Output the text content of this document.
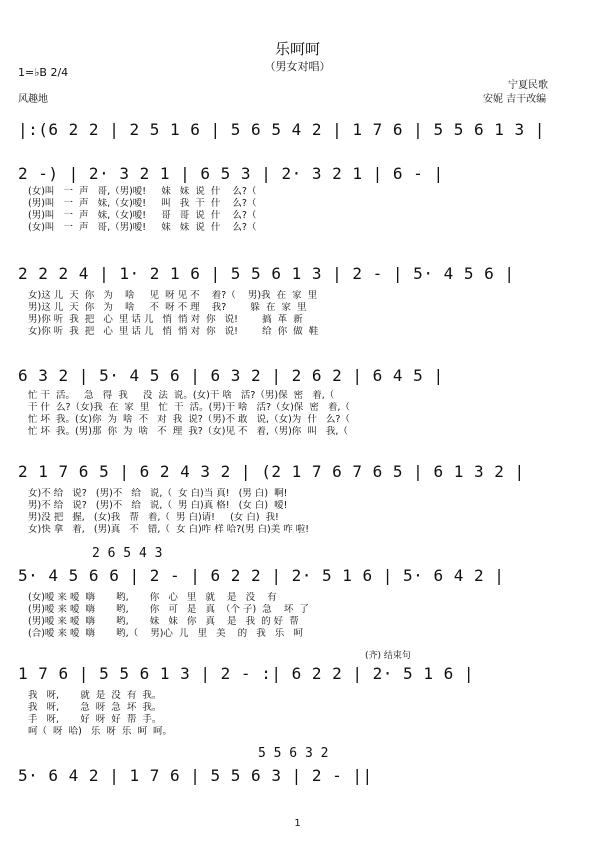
乐呵呵
（男女对唱）
1=♭B 2/4
风趣地
宁夏民歌
安妮 吉干改编
|:(6 2 2 | 2 5 1 6 | 5 6 5 4 2 | 1 7 6 | 5 5 6 1 3 |
2 -) | 2· 3 2 1 | 6 5 3 | 2· 3 2 1 | 6 - |
(女)叫   一  声   哥,（男)嗳!     妹   妹  说  什    么?（
(男)叫   一  声   妹,（女)嗳!     叫   我  干  什    么?（
(男)叫   一  声   妹,（女)嗳!     哥   哥  说  什    么?（
(女)叫   一  声   哥,（男)嗳!     妹   妹  说  什    么?（
2 2 2 4 | 1· 2 1 6 | 5 5 6 1 3 | 2 - | 5· 4 5 6 |
女)这 儿  天  你   为    啥     见  呀 见 不    着?（    男)我  在  家  里
男)这 儿  天  你   为    啥     不  呀 不 理    我?        躲  在  家  里
男)你 听  我  把   心  里 话 儿   悄  悄 对  你   说!        搞  革  新
女)你 听  我  把   心  里 话 儿   悄  悄 对  你   说!        给  你  做  鞋
6 3 2 | 5· 4 5 6 | 6 3 2 | 2 6 2 | 6 4 5 |
忙 干  活。   急   得  我     没  法  说。(女)干 啥   活?（男)保  密   着,（
干 什  么?（女)我  在  家  里   忙  干  活。(男)干 啥   活?（女)保  密   着,（
忙 坏  我。(女)你  为  啥  不   对  我  说?（男)不 敢   说,（女)为  什   么?（
忙 坏  我。(男)那  你  为  啥   不  理  我?（女)见 不   着,（男)你  叫   我,（
2 1 7 6 5 | 6 2 4 3 2 | (2 1 7 6 7 6 5 | 6 1 3 2 |
女)不 给   说?   (男)不   给   说,（  女 白)当 真!   (男 白)  啊!
男)不 给   说?   (男)不   给   说,（  男 白)真 格!   (女 白)  嗳!
男)没 把   握,   (女)我   帮   着,（  男 白)请!     (女 白)  我!
女)快 拿   着,   (男)真   不   错,（  女 白)咋 样 哈?(男 白)美 咋 啦!
2 6 5 4 3
5· 4 5 6 6 | 2 - | 6 2 2 | 2· 5 1 6 | 5· 6 4 2 |
(女)嗳 来 嗳  嗨       哟,       你   心   里   就    是   没    有
(男)嗳 来 嗳  嗨       哟,       你   可   是   真  （个 子)  急    坏  了
(男)嗳 来 嗳  嗨       哟,       妹   妹   你   真    是   我  的 好  帮
(合)嗳 来 嗳  嗨       哟,（    男)心  儿   里   美    的   我   乐   呵
(齐) 结束句
1 7 6 | 5 5 6 1 3 | 2 - :| 6 2 2 | 2· 5 1 6 |
我   呀,       就  是  没  有  我。
我   呀,       急  呀  急  坏  我。
手   呀,       好  呀  好  帮  手。
呵（  呀  哈)   乐  呀  乐  呵  呵。
5 5 6 3 2
5· 6 4 2 | 1 7 6 | 5 5 6 3 | 2 - ||
1
